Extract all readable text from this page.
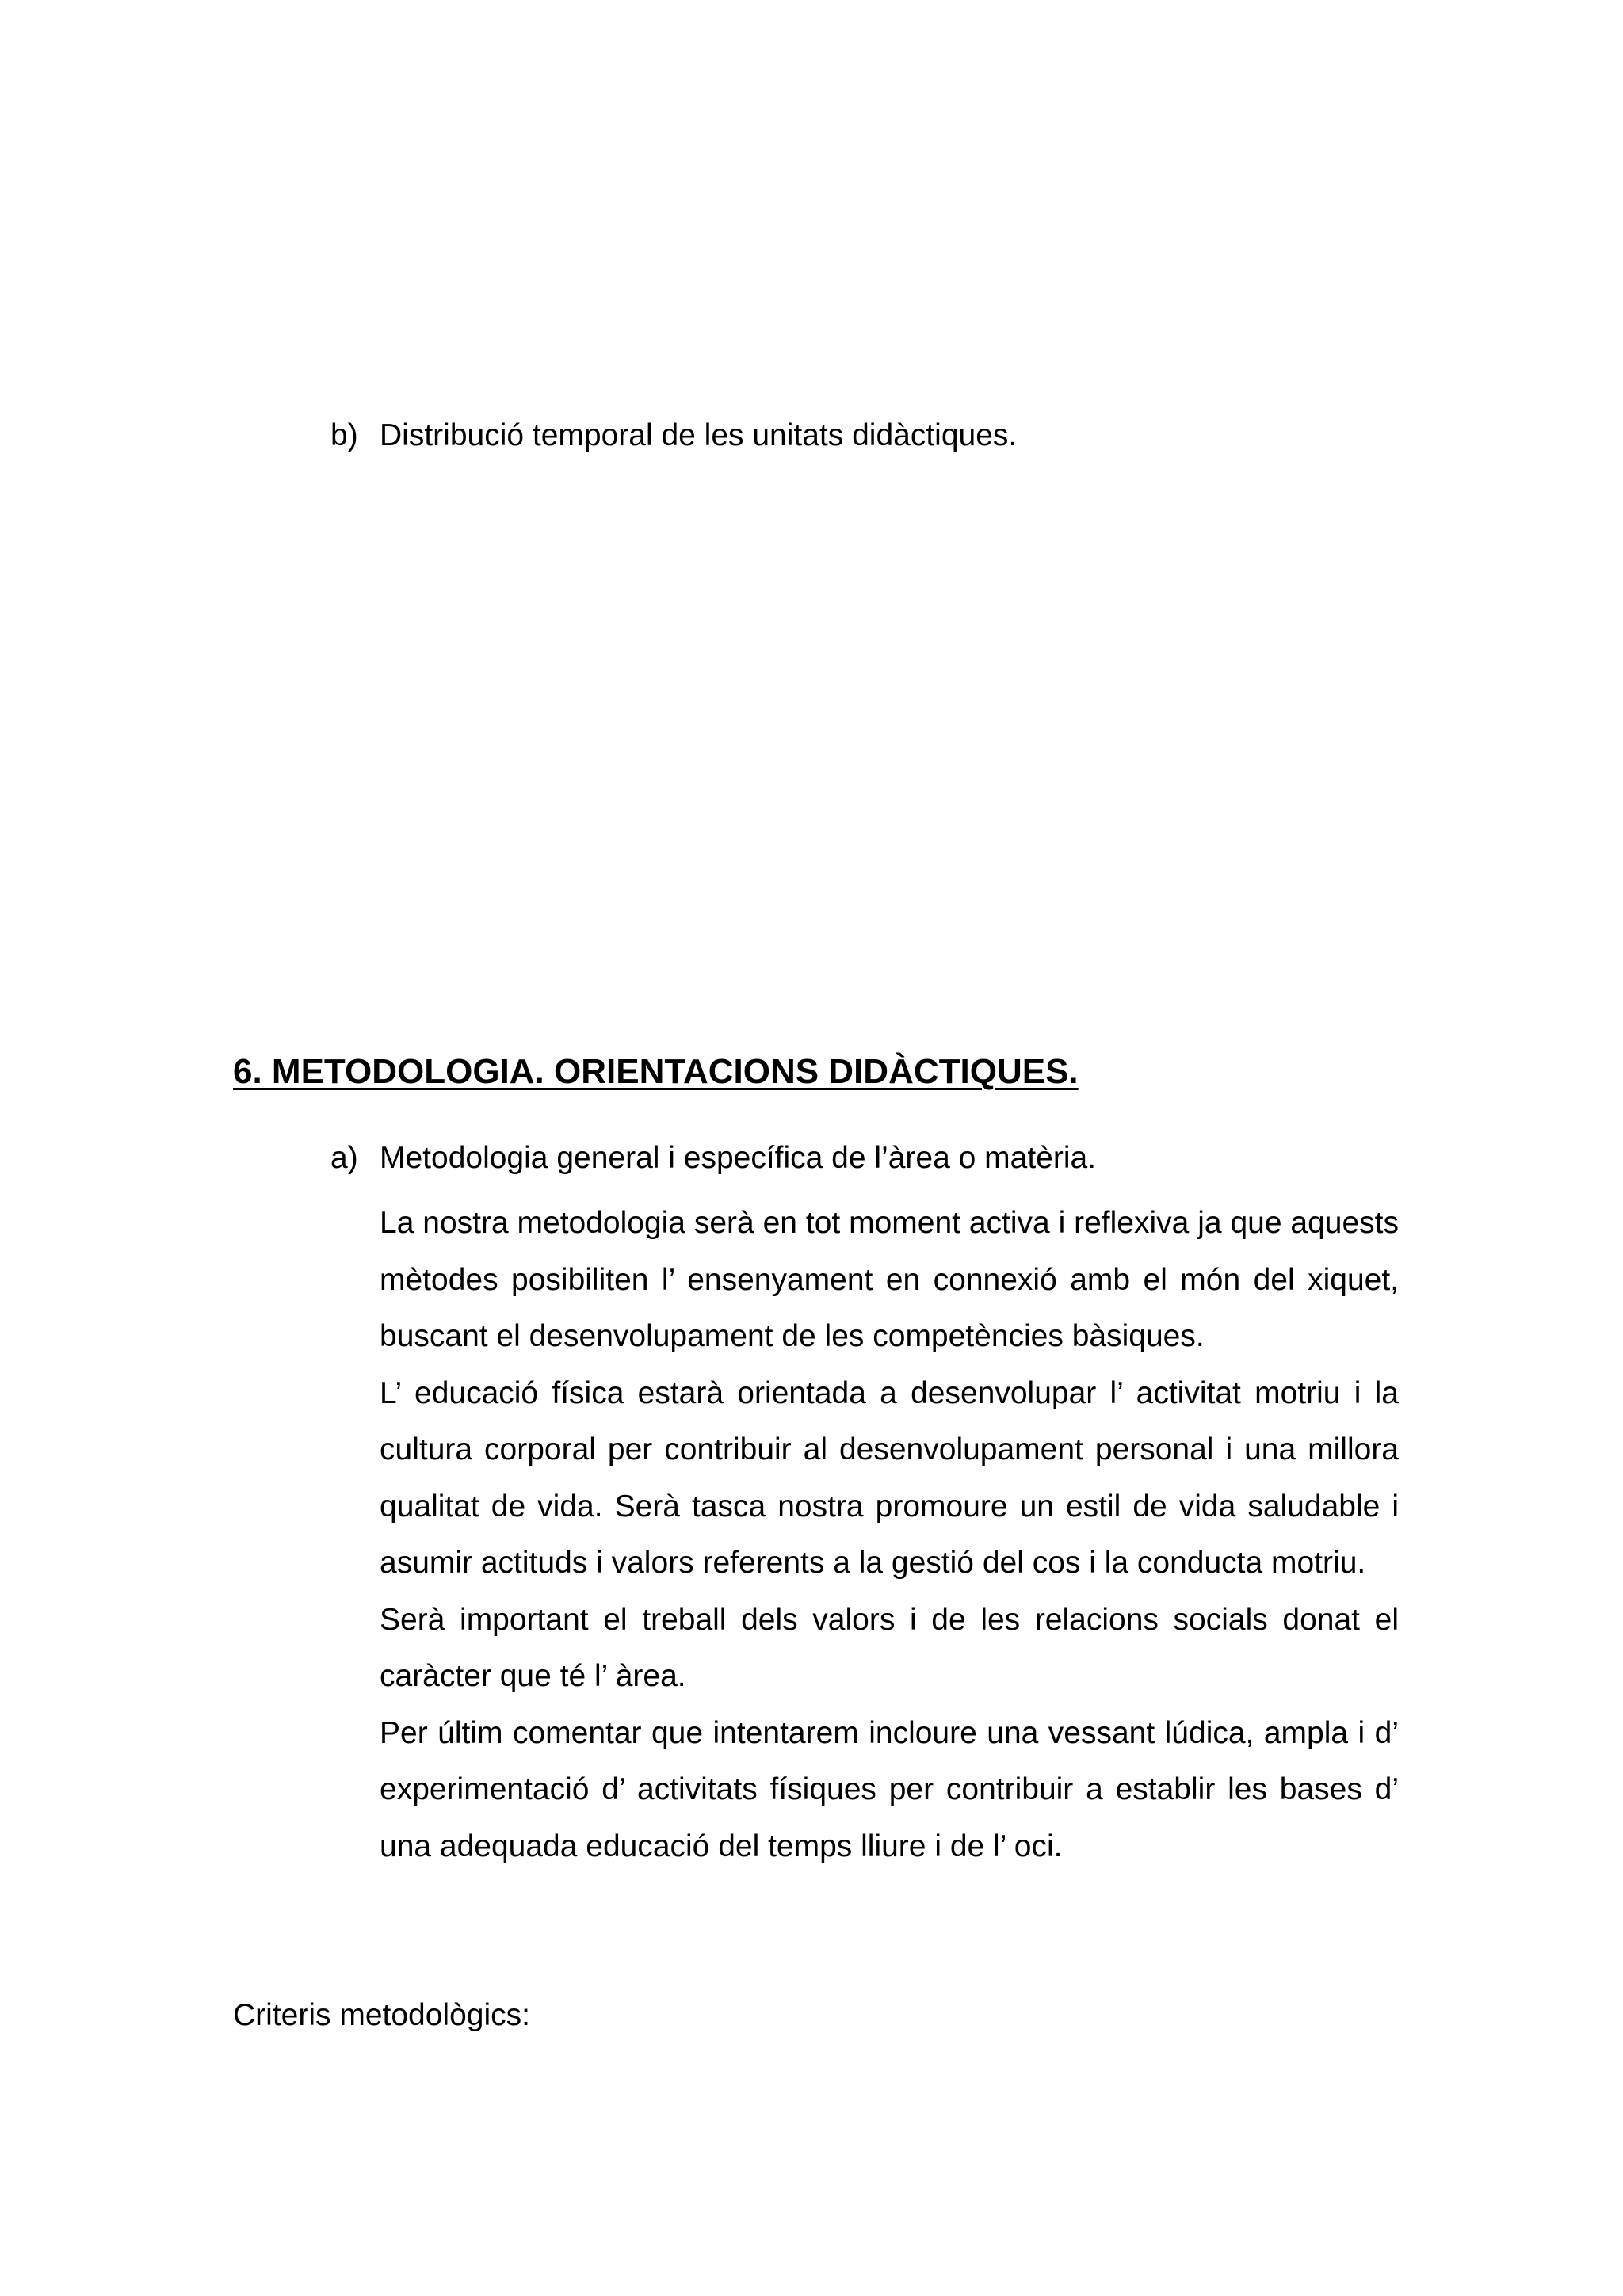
b) Distribució temporal de les unitats didàctiques.
6. METODOLOGIA. ORIENTACIONS DIDÀCTIQUES.
a) Metodologia general i específica de l’àrea o matèria.

La nostra metodologia serà en tot moment activa i reflexiva ja que aquests mètodes posibiliten l’ ensenyament en connexió amb el món del xiquet, buscant el desenvolupament de les competències bàsiques.

L’ educació física estarà orientada a desenvolupar l’ activitat motriu i la cultura corporal per contribuir al desenvolupament personal i una millora qualitat de vida. Serà tasca nostra promoure un estil de vida saludable i asumir actituds i valors referents a la gestió del cos i la conducta motriu.

Serà important el treball dels valors i de les relacions socials donat el caràcter que té l’ àrea.

Per últim comentar que intentarem incloure una vessant lúdica, ampla i d’ experimentació d’ activitats físiques per contribuir a establir les bases d’ una adequada educació del temps lliure i de l’ oci.

Criteris metodològics:
